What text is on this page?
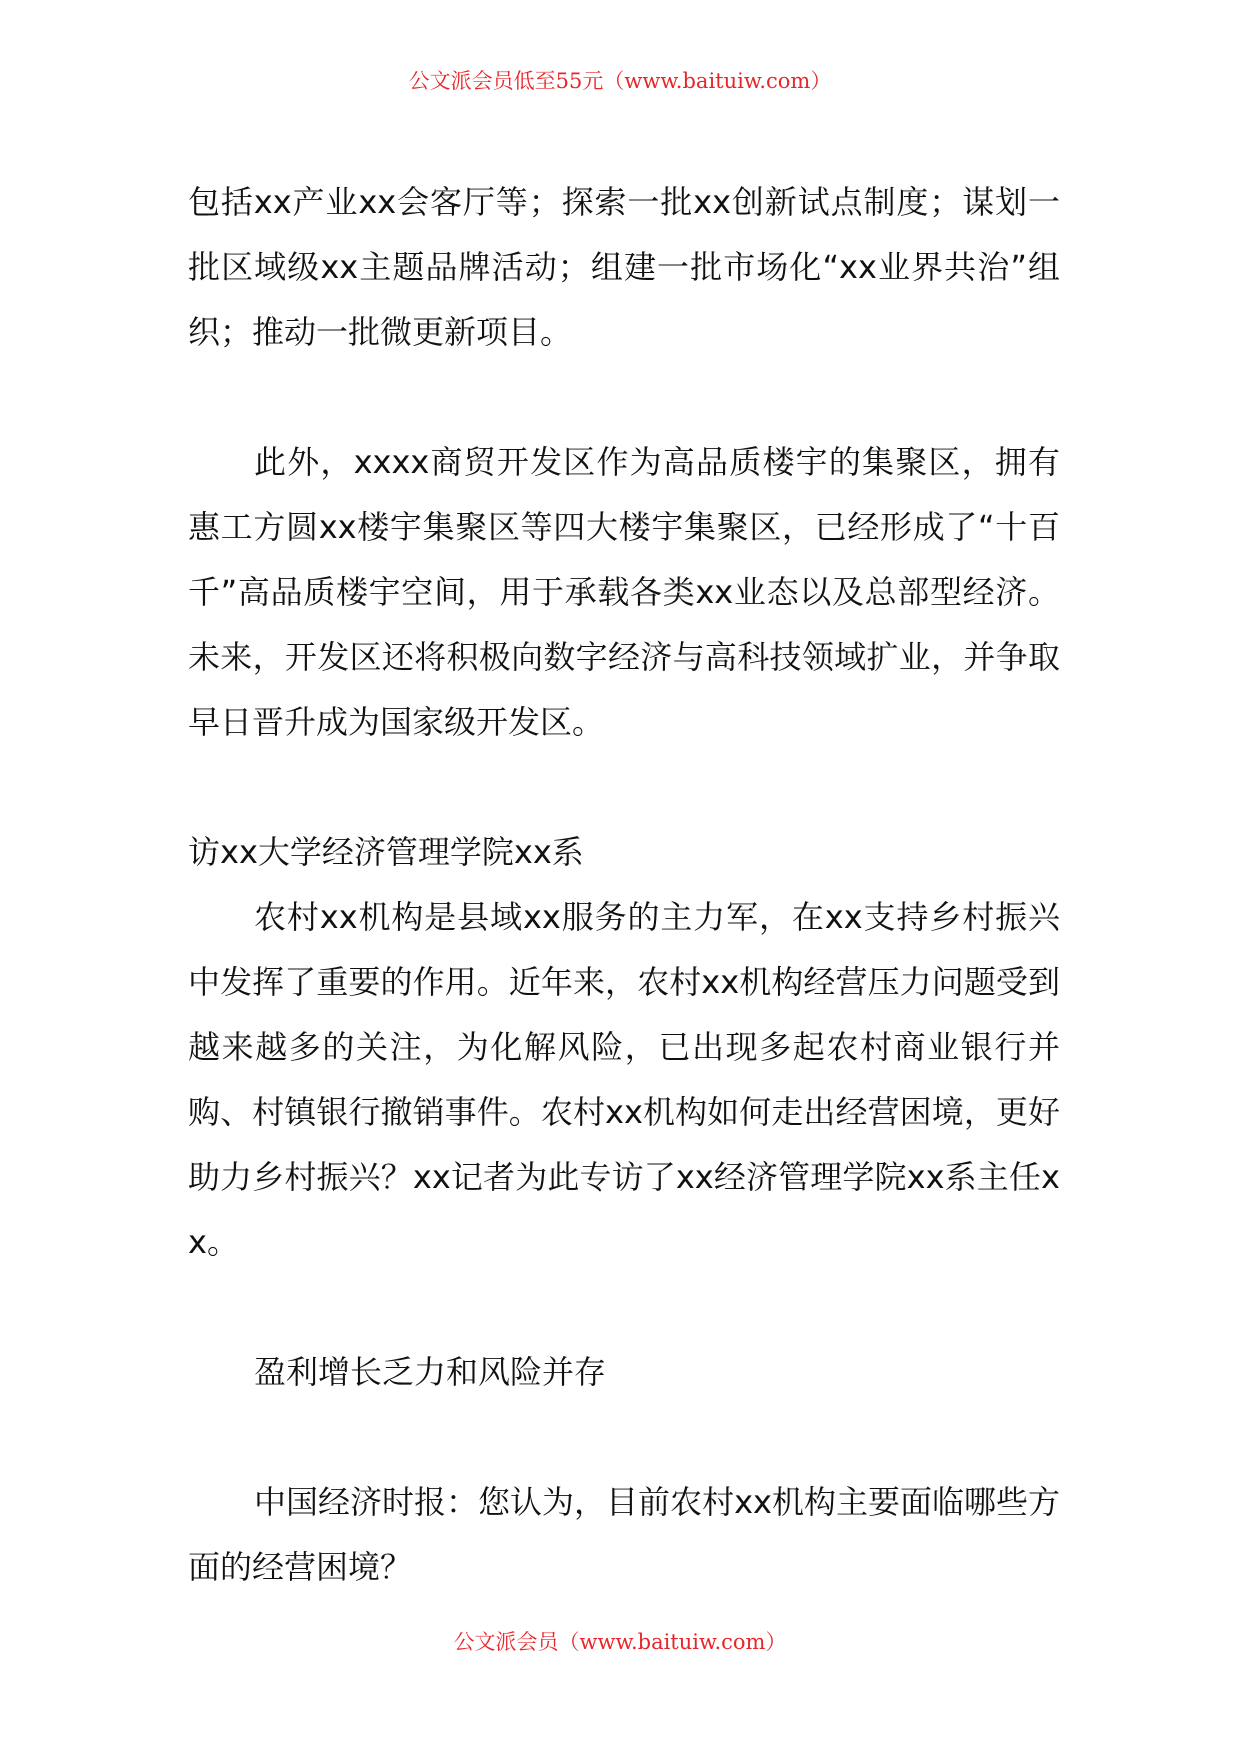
公文派会员低至55元（www.baituiw.com）

包括xx产业xx会客厅等；探索一批xx创新试点制度；谋划一批区域级xx主题品牌活动；组建一批市场化“xx业界共治”组织；推动一批微更新项目。

此外，xxxx商贸开发区作为高品质楼宇的集聚区，拥有惠工方圆xx楼宇集聚区等四大楼宇集聚区，已经形成了“十百千”高品质楼宇空间，用于承载各类xx业态以及总部型经济。未来，开发区还将积极向数字经济与高科技领域扩业，并争取早日晋升成为国家级开发区。

访xx大学经济管理学院xx系

农村xx机构是县域xx服务的主力军，在xx支持乡村振兴中发挥了重要的作用。近年来，农村xx机构经营压力问题受到越来越多的关注，为化解风险，已出现多起农村商业银行并购、村镇银行撤销事件。农村xx机构如何走出经营困境，更好助力乡村振兴？xx记者为此专访了xx经济管理学院xx系主任xx。

盈利增长乏力和风险并存

中国经济时报：您认为，目前农村xx机构主要面临哪些方面的经营困境？

公文派会员（www.baituiw.com）
